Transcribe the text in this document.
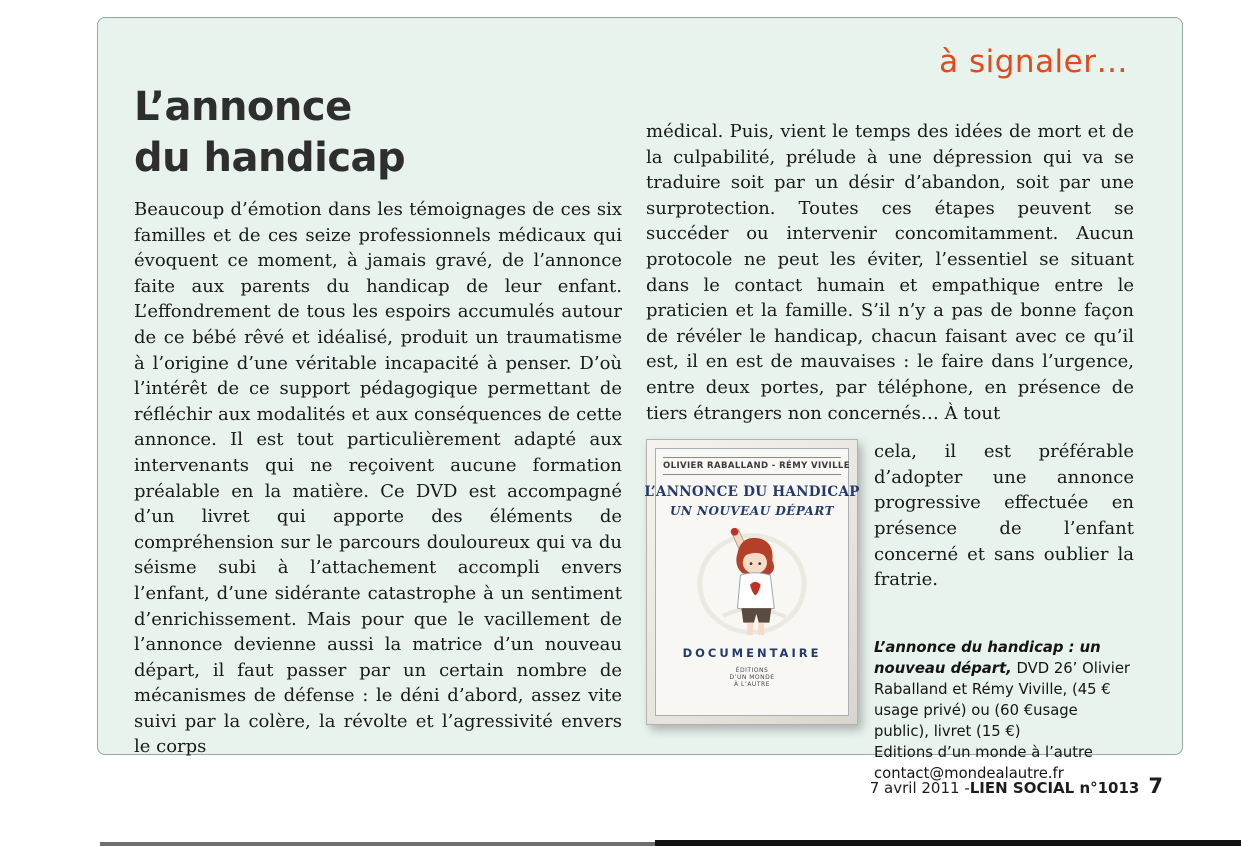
à signaler…
L’annonce
du handicap

Beaucoup d’émotion dans les témoignages de ces six familles et de ces seize professionnels médicaux qui évoquent ce moment, à jamais gravé, de l’annonce faite aux parents du handicap de leur enfant. L’effondrement de tous les espoirs accumulés autour de ce bébé rêvé et idéalisé, produit un traumatisme à l’origine d’une véritable incapacité à penser. D’où l’intérêt de ce support pédagogique permettant de réfléchir aux modalités et aux conséquences de cette annonce. Il est tout particulièrement adapté aux intervenants qui ne reçoivent aucune formation préalable en la matière. Ce DVD est accompagné d’un livret qui apporte des éléments de compréhension sur le parcours douloureux qui va du séisme subi à l’attachement accompli envers l’enfant, d’une sidérante catastrophe à un sentiment d’enrichissement. Mais pour que le vacillement de l’annonce devienne aussi la matrice d’un nouveau départ, il faut passer par un certain nombre de mécanismes de défense : le déni d’abord, assez vite suivi par la colère, la révolte et l’agressivité envers le corps

médical. Puis, vient le temps des idées de mort et de la culpabilité, prélude à une dépression qui va se traduire soit par un désir d’abandon, soit par une surprotection. Toutes ces étapes peuvent se succéder ou intervenir concomitamment. Aucun protocole ne peut les éviter, l’essentiel se situant dans le contact humain et empathique entre le praticien et la famille. S’il n’y a pas de bonne façon de révéler le handicap, chacun faisant avec ce qu’il est, il en est de mauvaises : le faire dans l’urgence, entre deux portes, par téléphone, en présence de tiers étrangers non concernés… À tout

OLIVIER RABALLAND - RÉMY VIVILLE
L’ANNONCE DU HANDICAP
UN NOUVEAU DÉPART
DOCUMENTAIRE
ÉDITIONS
D’UN MONDE
À L’AUTRE

cela, il est préférable d’adopter une annonce progressive effectuée en présence de l’enfant concerné et sans oublier la fratrie.

L’annonce du handicap : un nouveau départ, DVD 26’ Olivier Raballand et Rémy Viville, (45 € usage privé) ou (60 €usage public), livret (15 €)
Editions d’un monde à l’autre
contact@mondealautre.fr
7 avril 2011 - LIEN SOCIAL n°1013 7
